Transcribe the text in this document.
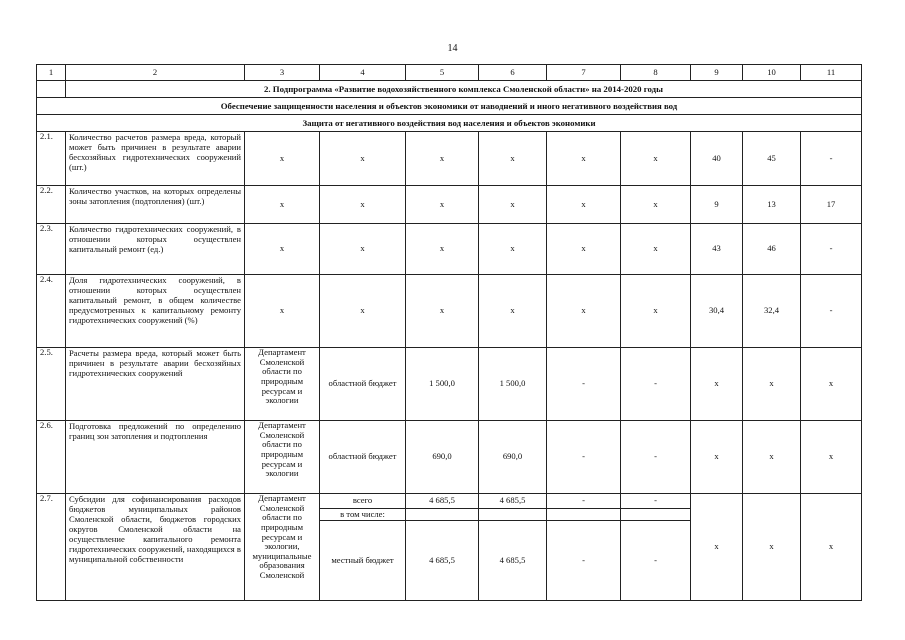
14
1	2	3	4	5	6	7	8	9	10	11
	2. Подпрограмма «Развитие водохозяйственного комплекса Смоленской области» на 2014-2020 годы									
Обеспечение защищенности населения и объектов экономики от наводнений и иного негативного воздействия вод										
Защита от негативного воздействия вод населения и объектов экономики										
2.1.	Количество расчетов размера вреда, который может быть причинен в результате аварии бесхозяйных гидротехнических сооружений (шт.)	х	х	х	х	х	х	40	45	-
2.2.	Количество участков, на которых определены зоны затопления (подтопления) (шт.)	х	х	х	х	х	х	9	13	17
2.3.	Количество гидротехнических сооружений, в отношении которых осуществлен капитальный ремонт (ед.)	х	х	х	х	х	х	43	46	-
2.4.	Доля гидротехнических сооружений, в отношении которых осуществлен капитальный ремонт, в общем количестве предусмотренных к капитальному ремонту гидротехнических сооружений (%)	х	х	х	х	х	х	30,4	32,4	-
2.5.	Расчеты размера вреда, который может быть причинен в результате аварии бесхозяйных гидротехнических сооружений	Департамент Смоленской области по природным ресурсам и экологии	областной бюджет	1 500,0	1 500,0	-	-	х	х	х
2.6.	Подготовка предложений по определению границ зон затопления и подтопления	Департамент Смоленской области по природным ресурсам и экологии	областной бюджет	690,0	690,0	-	-	х	х	х
2.7.	Субсидии для софинансирования расходов бюджетов муниципальных районов Смоленской области, бюджетов городских округов Смоленской области на осуществление капитального ремонта гидротехнических сооружений, находящихся в муниципальной собственности	Департамент Смоленской области по природным ресурсам и экологии, муниципальные образования Смоленской	всего	4 685,5	4 685,5	-	-	х	х	х
			в том числе:							
			местный бюджет	4 685,5	4 685,5	-	-			
